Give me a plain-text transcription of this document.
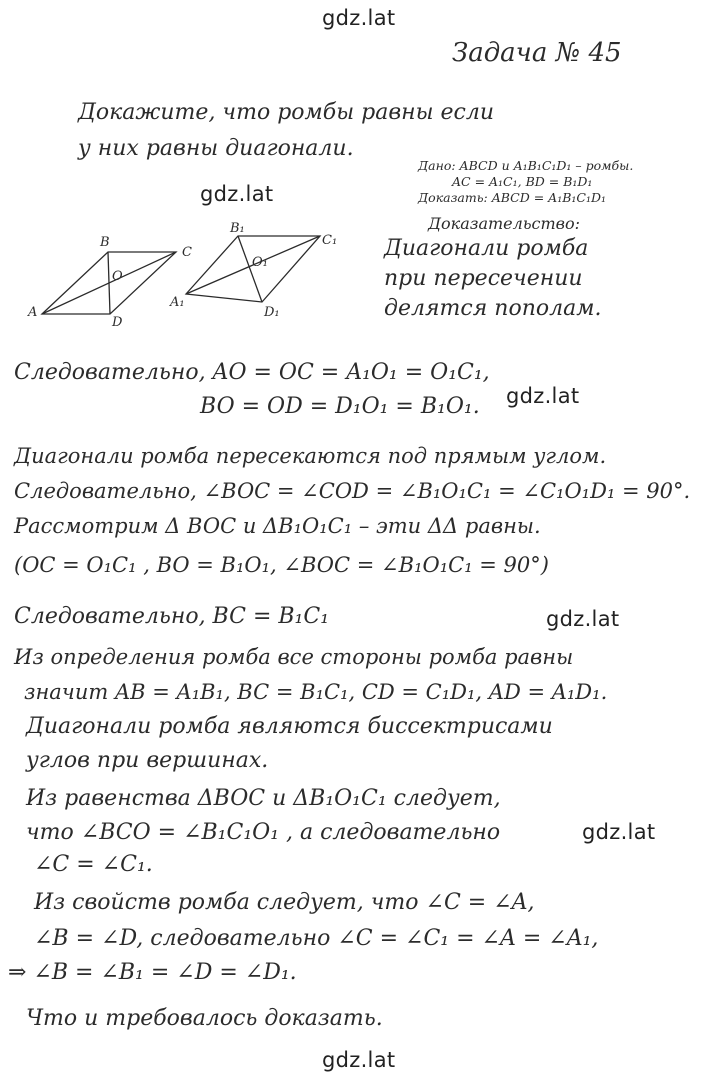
gdz.lat
gdz.lat
gdz.lat
gdz.lat
gdz.lat
gdz.lat
Задача № 45
Докажите, что ромбы равны если
у них равны диагонали.
Дано: ABCD и A₁B₁C₁D₁ – ромбы.
AC = A₁C₁, BD = B₁D₁
Доказать: ABCD = A₁B₁C₁D₁
A
B
C
D
O
A₁
B₁
C₁
D₁
O₁
Доказательство:
Диагонали ромба
при пересечении
делятся пополам.
Следовательно, AO = OC = A₁O₁ = O₁C₁,
BO = OD = D₁O₁ = B₁O₁.
Диагонали ромба пересекаются под прямым углом.
Следовательно, ∠BOC = ∠COD = ∠B₁O₁C₁ = ∠C₁O₁D₁ = 90°.
Рассмотрим Δ BOC и ΔB₁O₁C₁ – эти ΔΔ равны.
(OC = O₁C₁ , BO = B₁O₁, ∠BOC = ∠B₁O₁C₁ = 90°)
Следовательно, BC = B₁C₁
Из определения ромба все стороны ромба равны
значит AB = A₁B₁, BC = B₁C₁, CD = C₁D₁, AD = A₁D₁.
Диагонали ромба являются биссектрисами
углов при вершинах.
Из равенства ΔBOC и ΔB₁O₁C₁ следует,
что ∠BCO = ∠B₁C₁O₁ , а следовательно
∠C = ∠C₁.
Из свойств ромба следует, что ∠C = ∠A,
∠B = ∠D, следовательно ∠C = ∠C₁ = ∠A = ∠A₁,
⇒ ∠B = ∠B₁ = ∠D = ∠D₁.
Что и требовалось доказать.
